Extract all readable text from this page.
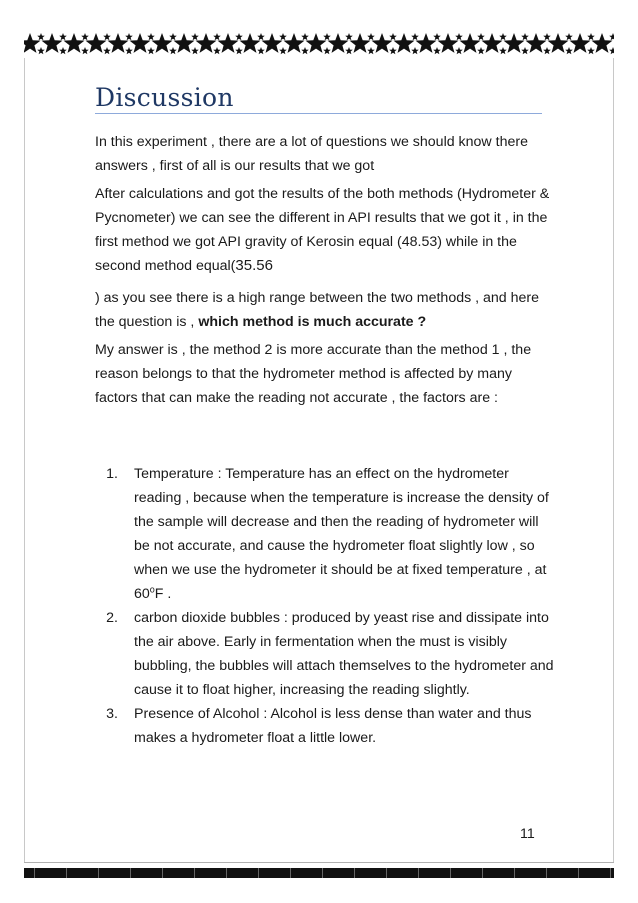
Discussion

In this experiment , there are a lot of questions we should know there answers , first of all is our results that we got

After calculations and got the results of the both methods (Hydrometer & Pycnometer) we can see the different in API results that we got it , in the first method we got API gravity of Kerosin equal (48.53) while in the second method equal(35.56

) as you see there is a high range between the two methods , and here the question is , which method is much accurate ?

My answer is , the method 2 is more accurate than the method 1 , the reason belongs to that the hydrometer method is affected by many factors that can make the reading not accurate , the factors are :

1.	Temperature : Temperature has an effect on the hydrometer reading , because when the temperature is increase the density of the sample will decrease and then the reading of hydrometer will be not accurate, and cause the hydrometer float slightly low , so when we use the hydrometer it should be at fixed temperature , at 60$^o$F .
2.	carbon dioxide bubbles : produced by yeast rise and dissipate into the air above. Early in fermentation when the must is visibly bubbling, the bubbles will attach themselves to the hydrometer and cause it to float higher, increasing the reading slightly.
3.	Presence of Alcohol : Alcohol is less dense than water and thus makes a hydrometer float a little lower.
11
